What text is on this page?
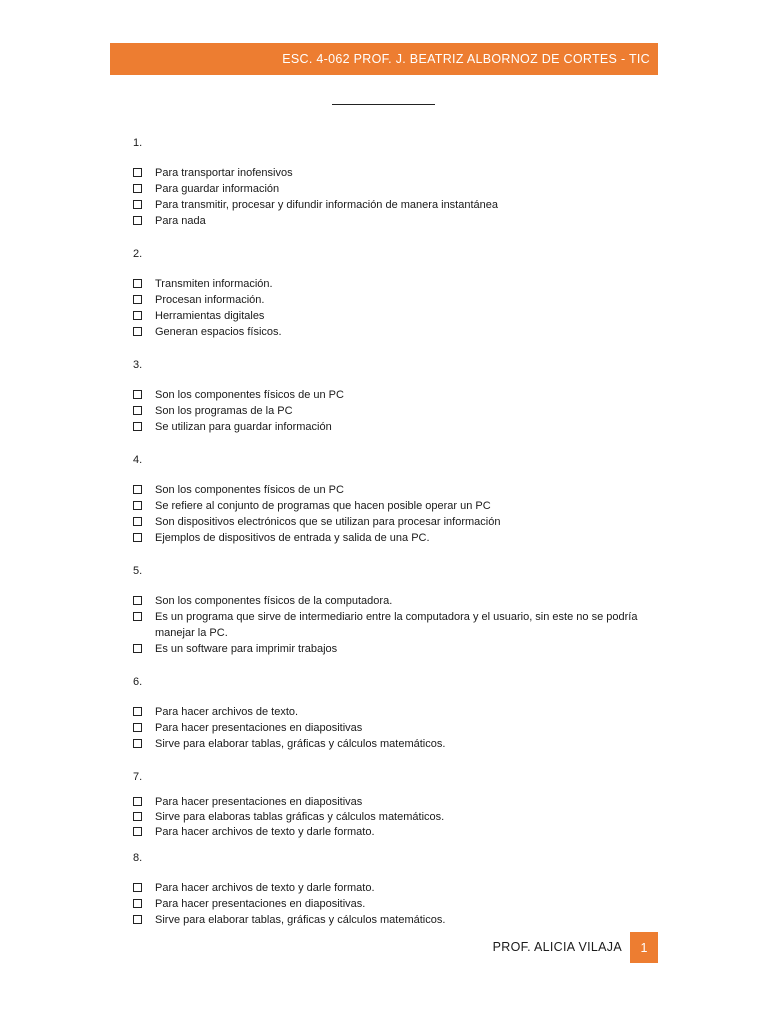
ESC. 4-062 PROF. J. BEATRIZ ALBORNOZ DE CORTES - TIC
1.
Para transportar inofensivos
Para guardar información
Para transmitir, procesar y difundir información de manera instantánea
Para nada
2.
Transmiten información.
Procesan información.
Herramientas digitales
Generan espacios físicos.
3.
Son los componentes físicos de un PC
Son los programas de la PC
Se utilizan para guardar información
4.
Son los componentes físicos de un PC
Se refiere al conjunto de programas que hacen posible operar un PC
Son dispositivos electrónicos que se utilizan para procesar información
Ejemplos de dispositivos de entrada y salida de una PC.
5.
Son los componentes físicos de la computadora.
Es un programa que sirve de intermediario entre la computadora y el usuario, sin este no se podría manejar la PC.
Es un software para imprimir trabajos
6.
Para hacer archivos de texto.
Para hacer presentaciones en diapositivas
Sirve para elaborar tablas, gráficas y cálculos matemáticos.
7.
Para hacer presentaciones en diapositivas
Sirve para elaboras tablas gráficas y cálculos matemáticos.
Para hacer archivos de texto y darle formato.
8.
Para hacer archivos de texto y darle formato.
Para hacer presentaciones en diapositivas.
Sirve para elaborar tablas, gráficas y cálculos matemáticos.
PROF. ALICIA VILAJA 1
